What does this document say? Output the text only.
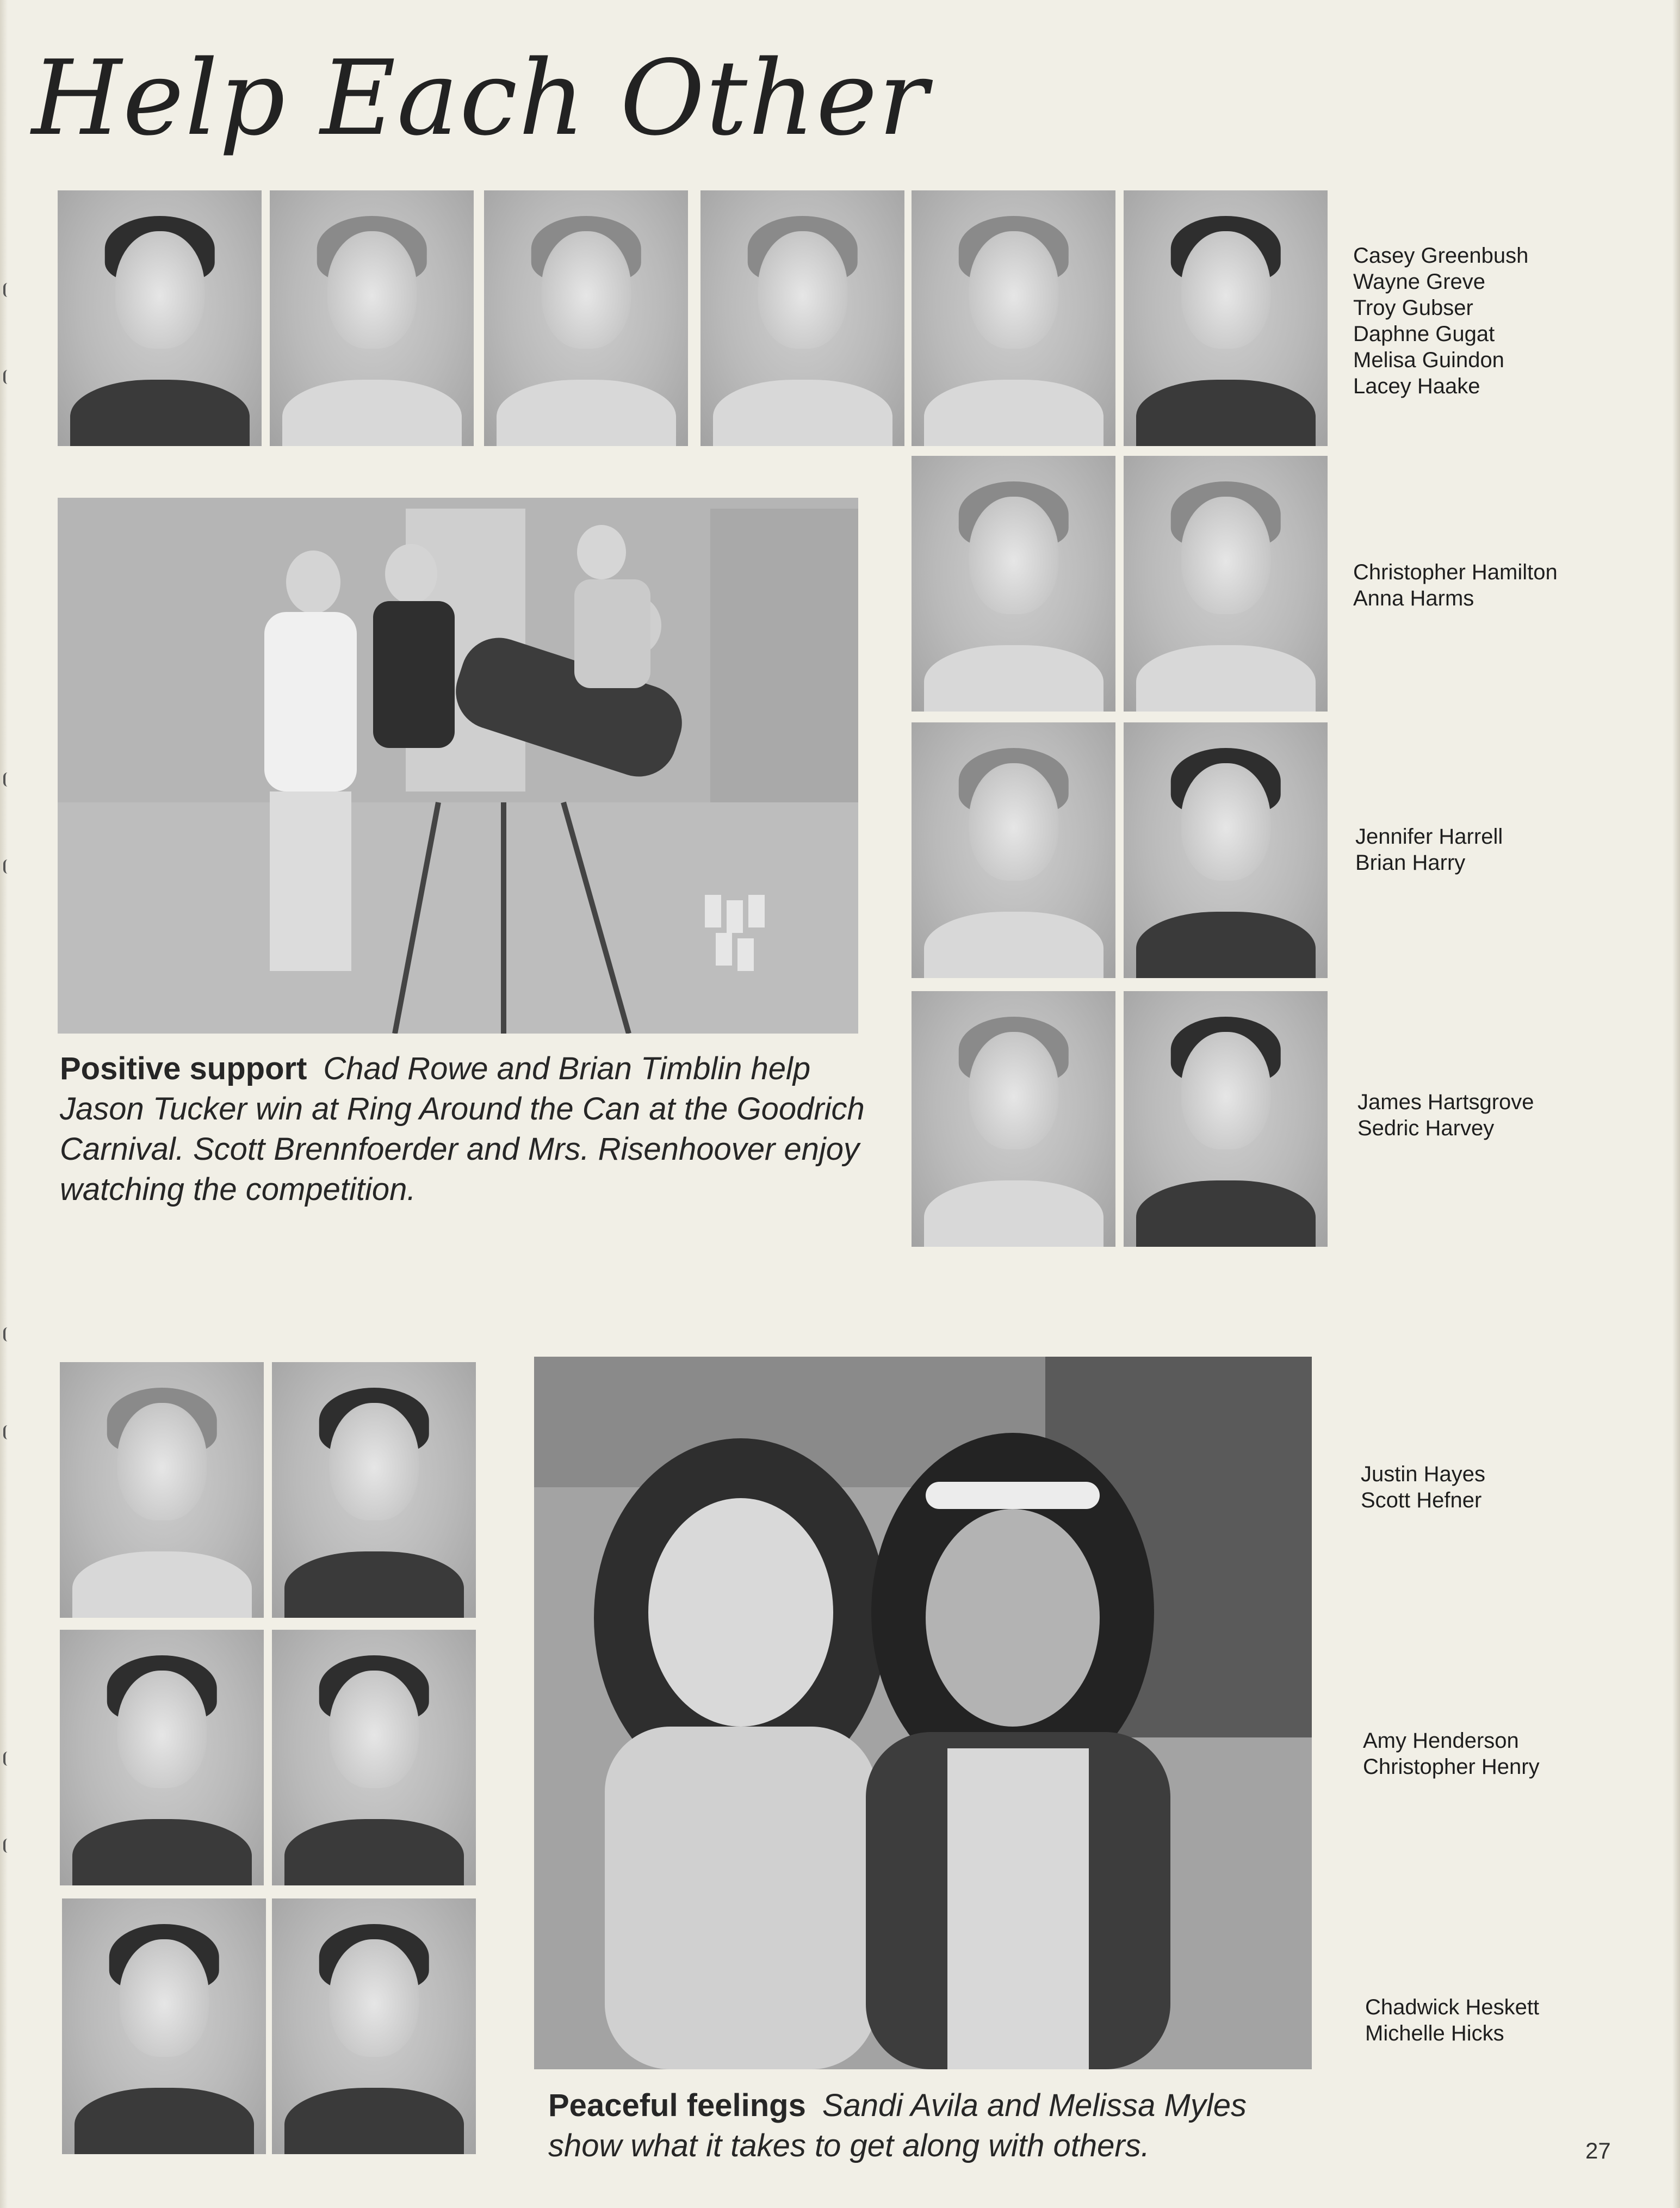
Help Each Other
Casey Greenbush
Wayne Greve
Troy Gubser
Daphne Gugat
Melisa Guindon
Lacey Haake
Positive support Chad Rowe and Brian Timblin help Jason Tucker win at Ring Around the Can at the Goodrich Carnival. Scott Brennfoerder and Mrs. Risenhoover enjoy watching the competition.
Christopher Hamilton
Anna Harms
Jennifer Harrell
Brian Harry
James Hartsgrove
Sedric Harvey
Peaceful feelings Sandi Avila and Melissa Myles show what it takes to get along with others.
Justin Hayes
Scott Hefner
Amy Henderson
Christopher Henry
Chadwick Heskett
Michelle Hicks
27
